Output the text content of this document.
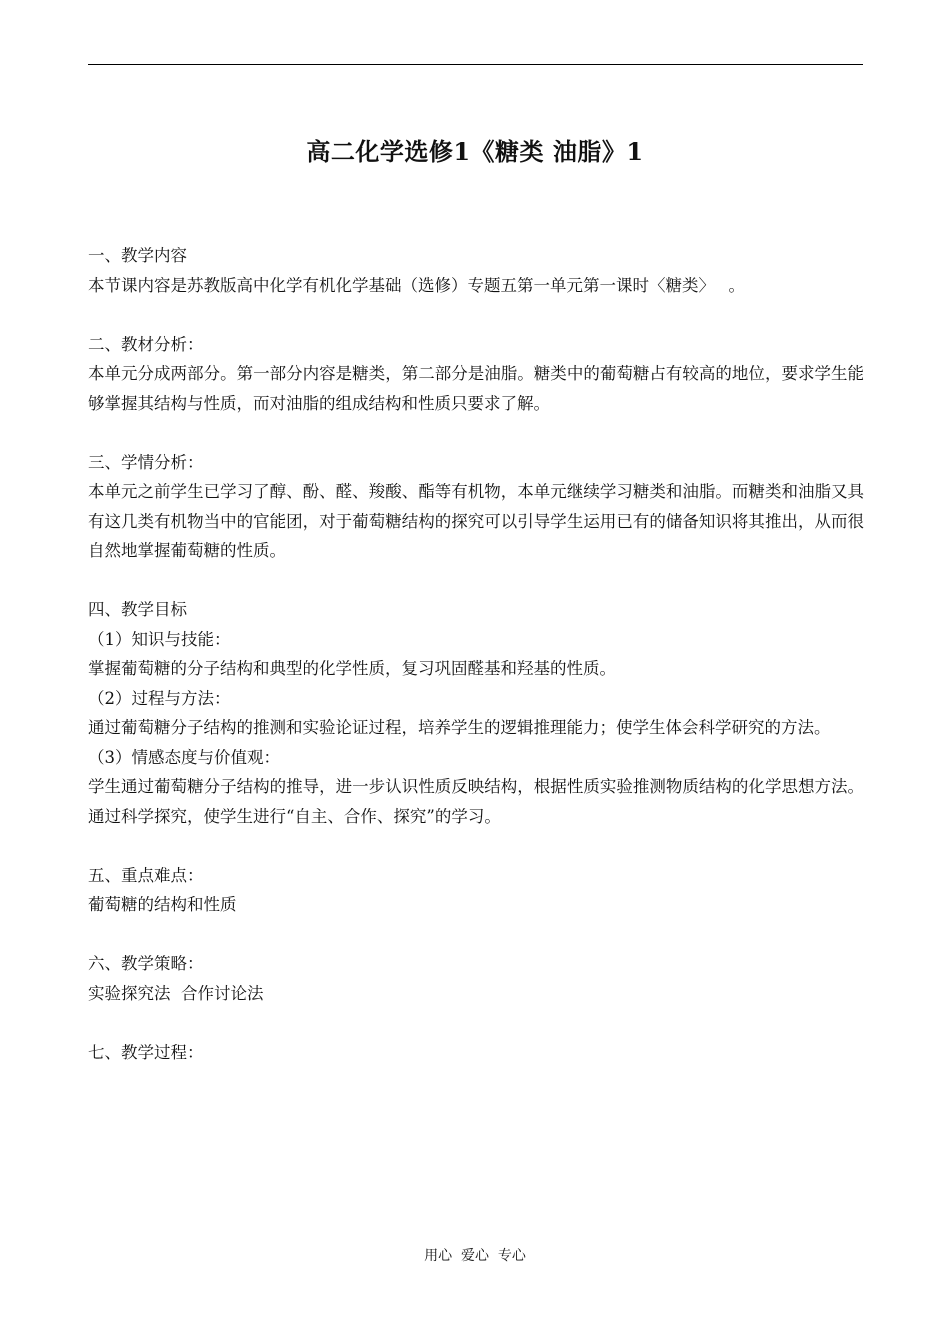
高二化学选修1《糖类 油脂》1

一、教学内容

本节课内容是苏教版高中化学有机化学基础（选修）专题五第一单元第一课时〈糖类〉　 。

二、教材分析：

本单元分成两部分。第一部分内容是糖类，第二部分是油脂。糖类中的葡萄糖占有较高的地位，要求学生能够掌握其结构与性质，而对油脂的组成结构和性质只要求了解。

三、学情分析：

本单元之前学生已学习了醇、酚、醛、羧酸、酯等有机物，本单元继续学习糖类和油脂。而糖类和油脂又具有这几类有机物当中的官能团，对于葡萄糖结构的探究可以引导学生运用已有的储备知识将其推出，从而很自然地掌握葡萄糖的性质。

四、教学目标

（1）知识与技能：

掌握葡萄糖的分子结构和典型的化学性质，复习巩固醛基和羟基的性质。

（2）过程与方法：

通过葡萄糖分子结构的推测和实验论证过程，培养学生的逻辑推理能力；使学生体会科学研究的方法。

（3）情感态度与价值观：

学生通过葡萄糖分子结构的推导，进一步认识性质反映结构，根据性质实验推测物质结构的化学思想方法。通过科学探究，使学生进行“自主、合作、探究”的学习。

五、重点难点：

葡萄糖的结构和性质

六、教学策略：

实验探究法  合作讨论法

七、教学过程：

用心  爱心  专心
